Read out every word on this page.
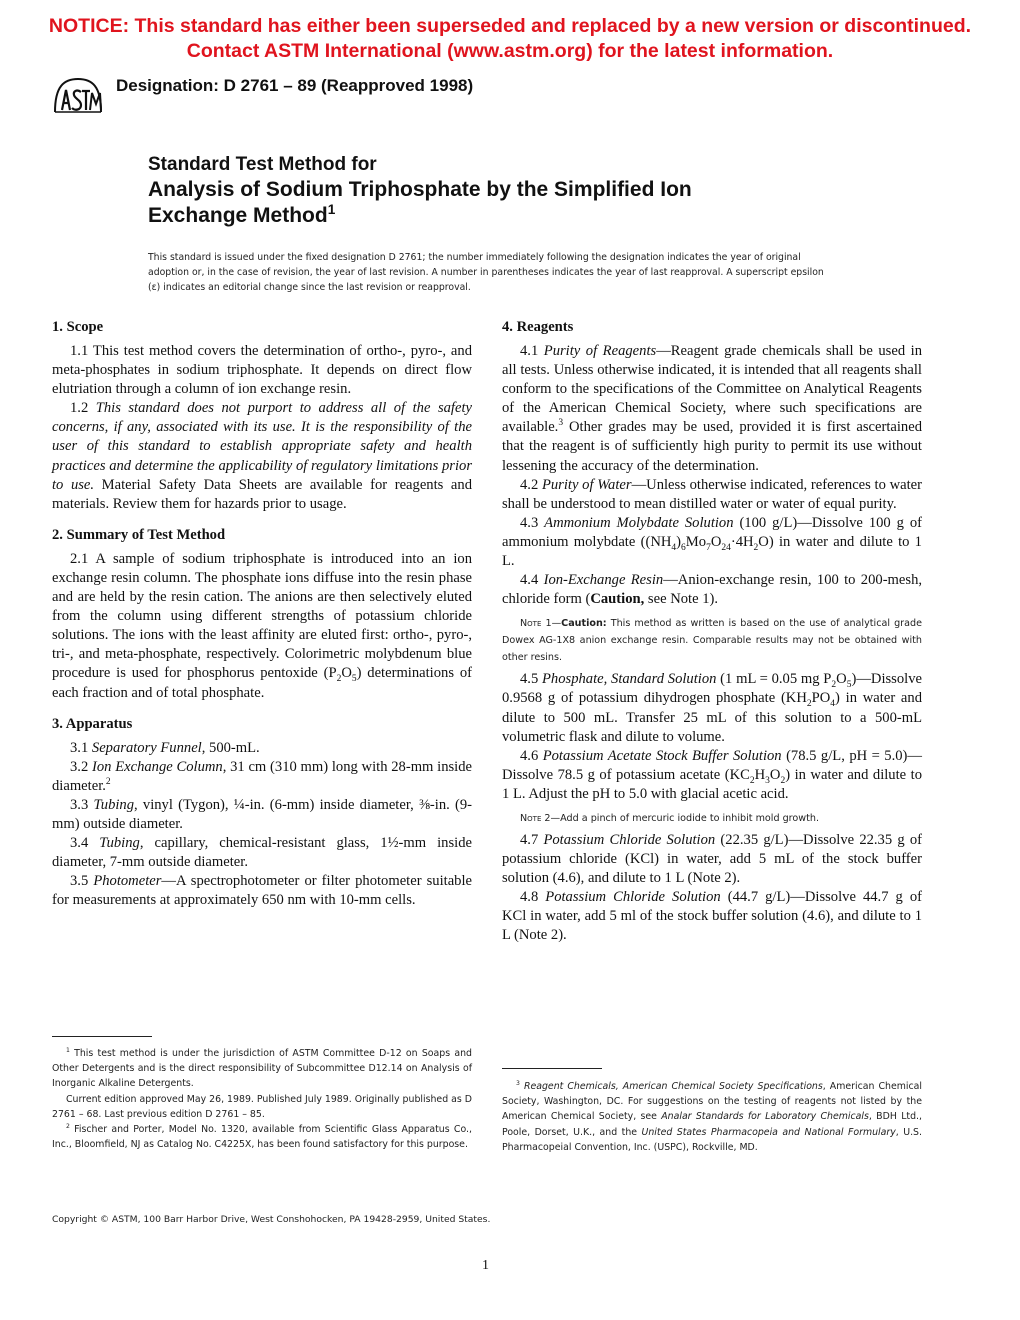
NOTICE: This standard has either been superseded and replaced by a new version or discontinued.
Contact ASTM International (www.astm.org) for the latest information.
Designation: D 2761 – 89 (Reapproved 1998)
Standard Test Method for
Analysis of Sodium Triphosphate by the Simplified Ion
Exchange Method$^1$
This standard is issued under the fixed designation D 2761; the number immediately following the designation indicates the year of original adoption or, in the case of revision, the year of last revision. A number in parentheses indicates the year of last reapproval. A superscript epsilon (ε) indicates an editorial change since the last revision or reapproval.
1. Scope

1.1 This test method covers the determination of ortho-, pyro-, and meta-phosphates in sodium triphosphate. It depends on direct flow elutriation through a column of ion exchange resin.

1.2 This standard does not purport to address all of the safety concerns, if any, associated with its use. It is the responsibility of the user of this standard to establish appropriate safety and health practices and determine the applicability of regulatory limitations prior to use. Material Safety Data Sheets are available for reagents and materials. Review them for hazards prior to usage.

2. Summary of Test Method

2.1 A sample of sodium triphosphate is introduced into an ion exchange resin column. The phosphate ions diffuse into the resin phase and are held by the resin cation. The anions are then selectively eluted from the column using different strengths of potassium chloride solutions. The ions with the least affinity are eluted first: ortho-, pyro-, tri-, and meta-phosphate, respectively. Colorimetric molybdenum blue procedure is used for phosphorus pentoxide $(P_2O_5)$ determinations of each fraction and of total phosphate.

3. Apparatus

3.1 Separatory Funnel, 500-mL.

3.2 Ion Exchange Column, 31 cm (310 mm) long with 28-mm inside diameter.$^2$

3.3 Tubing, vinyl (Tygon), ¼-in. (6-mm) inside diameter, ⅜-in. (9-mm) outside diameter.

3.4 Tubing, capillary, chemical-resistant glass, 1½-mm inside diameter, 7-mm outside diameter.

3.5 Photometer—A spectrophotometer or filter photometer suitable for measurements at approximately 650 nm with 10-mm cells.

4. Reagents

4.1 Purity of Reagents—Reagent grade chemicals shall be used in all tests. Unless otherwise indicated, it is intended that all reagents shall conform to the specifications of the Committee on Analytical Reagents of the American Chemical Society, where such specifications are available.$^3$ Other grades may be used, provided it is first ascertained that the reagent is of sufficiently high purity to permit its use without lessening the accuracy of the determination.

4.2 Purity of Water—Unless otherwise indicated, references to water shall be understood to mean distilled water or water of equal purity.

4.3 Ammonium Molybdate Solution (100 g/L)—Dissolve 100 g of ammonium molybdate $((NH_4)_6Mo_7O_{24}\cdot 4H_2O)$ in water and dilute to 1 L.

4.4 Ion-Exchange Resin—Anion-exchange resin, 100 to 200-mesh, chloride form (Caution, see Note 1).

Note 1—Caution: This method as written is based on the use of analytical grade Dowex AG-1X8 anion exchange resin. Comparable results may not be obtained with other resins.

4.5 Phosphate, Standard Solution (1 mL = 0.05 mg $P_2O_5)—Dissolve$ 0.9568 g of potassium dihydrogen phosphate $(KH_2PO_4)$ in water and dilute to 500 mL. Transfer 25 mL of this solution to a 500-mL volumetric flask and dilute to volume.

4.6 Potassium Acetate Stock Buffer Solution (78.5 g/L, pH = 5.0)—Dissolve 78.5 g of potassium acetate $(KC_2H_3O_2)$ in water and dilute to 1 L. Adjust the pH to 5.0 with glacial acetic acid.

Note 2—Add a pinch of mercuric iodide to inhibit mold growth.

4.7 Potassium Chloride Solution (22.35 g/L)—Dissolve 22.35 g of potassium chloride (KCl) in water, add 5 mL of the stock buffer solution (4.6), and dilute to 1 L (Note 2).

4.8 Potassium Chloride Solution (44.7 g/L)—Dissolve 44.7 g of KCl in water, add 5 ml of the stock buffer solution (4.6), and dilute to 1 L (Note 2).

$^1$ This test method is under the jurisdiction of ASTM Committee D-12 on Soaps and Other Detergents and is the direct responsibility of Subcommittee D12.14 on Analysis of Inorganic Alkaline Detergents.

Current edition approved May 26, 1989. Published July 1989. Originally published as D 2761 – 68. Last previous edition D 2761 – 85.

$^2$ Fischer and Porter, Model No. 1320, available from Scientific Glass Apparatus Co., Inc., Bloomfield, NJ as Catalog No. C4225X, has been found satisfactory for this purpose.

$^3$ Reagent Chemicals, American Chemical Society Specifications, American Chemical Society, Washington, DC. For suggestions on the testing of reagents not listed by the American Chemical Society, see Analar Standards for Laboratory Chemicals, BDH Ltd., Poole, Dorset, U.K., and the United States Pharmacopeia and National Formulary, U.S. Pharmacopeial Convention, Inc. (USPC), Rockville, MD.

Copyright © ASTM, 100 Barr Harbor Drive, West Conshohocken, PA 19428-2959, United States.
1
